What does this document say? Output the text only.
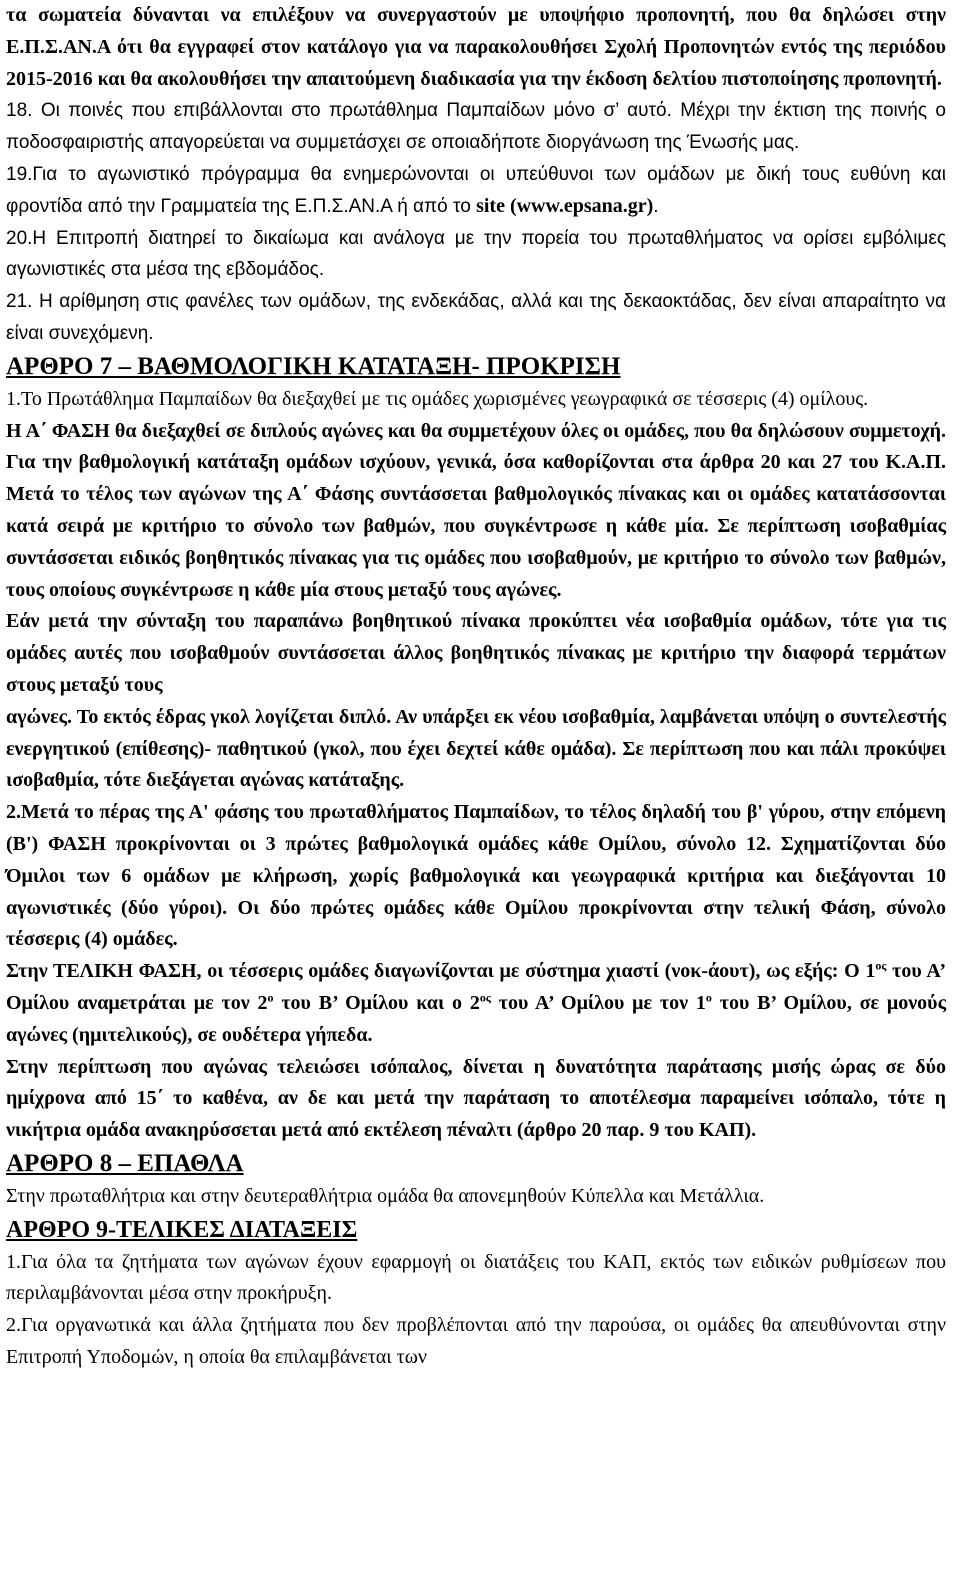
τα σωματεία δύνανται να επιλέξουν να συνεργαστούν με υποψήφιο προπονητή, που θα δηλώσει στην Ε.Π.Σ.ΑΝ.Α ότι θα εγγραφεί στον κατάλογο για να παρακολουθήσει Σχολή Προπονητών εντός της περιόδου 2015-2016 και θα ακολουθήσει την απαιτούμενη διαδικασία για την έκδοση δελτίου πιστοποίησης προπονητή.

18. Οι ποινές που επιβάλλονται στο πρωτάθλημα Παμπαίδων μόνο σ’ αυτό. Μέχρι την έκτιση της ποινής ο ποδοσφαιριστής απαγορεύεται να συμμετάσχει σε οποιαδήποτε διοργάνωση της Ένωσής μας.

19.Για το αγωνιστικό πρόγραμμα θα ενημερώνονται οι υπεύθυνοι των ομάδων με δική τους ευθύνη και φροντίδα από την Γραμματεία της Ε.Π.Σ.ΑΝ.Α ή από το site (www.epsana.gr).

20.Η Επιτροπή διατηρεί το δικαίωμα και ανάλογα με την πορεία του πρωταθλήματος να ορίσει εμβόλιμες αγωνιστικές στα μέσα της εβδομάδος.

21. Η αρίθμηση στις φανέλες των ομάδων, της ενδεκάδας, αλλά και της δεκαοκτάδας, δεν είναι απαραίτητο να είναι συνεχόμενη.

ΑΡΘΡΟ 7 – ΒΑΘΜΟΛΟΓΙΚΗ ΚΑΤΑΤΑΞΗ- ΠΡΟΚΡΙΣΗ

1.Το Πρωτάθλημα Παμπαίδων θα διεξαχθεί με τις ομάδες χωρισμένες γεωγραφικά σε τέσσερις (4) ομίλους.

Η Α΄ ΦΑΣΗ θα διεξαχθεί σε διπλούς αγώνες και θα συμμετέχουν όλες οι ομάδες, που θα δηλώσουν συμμετοχή. Για την βαθμολογική κατάταξη ομάδων ισχύουν, γενικά, όσα καθορίζονται στα άρθρα 20 και 27 του Κ.Α.Π. Μετά το τέλος των αγώνων της Α΄ Φάσης συντάσσεται βαθμολογικός πίνακας και οι ομάδες κατατάσσονται κατά σειρά με κριτήριο το σύνολο των βαθμών, που συγκέντρωσε η κάθε μία. Σε περίπτωση ισοβαθμίας συντάσσεται ειδικός βοηθητικός πίνακας για τις ομάδες που ισοβαθμούν, με κριτήριο το σύνολο των βαθμών, τους οποίους συγκέντρωσε η κάθε μία στους μεταξύ τους αγώνες.

Εάν μετά την σύνταξη του παραπάνω βοηθητικού πίνακα προκύπτει νέα ισοβαθμία ομάδων, τότε για τις ομάδες αυτές που ισοβαθμούν συντάσσεται άλλος βοηθητικός πίνακας με κριτήριο την διαφορά τερμάτων στους μεταξύ τους

αγώνες. Το εκτός έδρας γκολ λογίζεται διπλό. Αν υπάρξει εκ νέου ισοβαθμία, λαμβάνεται υπόψη ο συντελεστής ενεργητικού (επίθεσης)- παθητικού (γκολ, που έχει δεχτεί κάθε ομάδα). Σε περίπτωση που και πάλι προκύψει ισοβαθμία, τότε διεξάγεται αγώνας κατάταξης.

2.Μετά το πέρας της Α' φάσης του πρωταθλήματος Παμπαίδων, το τέλος δηλαδή του β' γύρου, στην επόμενη (Β') ΦΑΣΗ προκρίνονται οι 3 πρώτες βαθμολογικά ομάδες κάθε Ομίλου, σύνολο 12. Σχηματίζονται δύο Όμιλοι των 6 ομάδων με κλήρωση, χωρίς βαθμολογικά και γεωγραφικά κριτήρια και διεξάγονται 10 αγωνιστικές (δύο γύροι). Οι δύο πρώτες ομάδες κάθε Ομίλου προκρίνονται στην τελική Φάση, σύνολο τέσσερις (4) ομάδες.

Στην ΤΕΛΙΚΗ ΦΑΣΗ, οι τέσσερις ομάδες διαγωνίζονται με σύστημα χιαστί (νοκ-άουτ), ως εξής: Ο $1^{o\varsigma}$ του Α’ Ομίλου αναμετράται με τον $2^o$ του Β’ Ομίλου και ο $2^{o\varsigma}$ του Α’ Ομίλου με τον $1^o$ του Β’ Ομίλου, σε μονούς αγώνες (ημιτελικούς), σε ουδέτερα γήπεδα.

Στην περίπτωση που αγώνας τελειώσει ισόπαλος, δίνεται η δυνατότητα παράτασης μισής ώρας σε δύο ημίχρονα από 15΄ το καθένα, αν δε και μετά την παράταση το αποτέλεσμα παραμείνει ισόπαλο, τότε η νικήτρια ομάδα ανακηρύσσεται μετά από εκτέλεση πέναλτι (άρθρο 20 παρ. 9 του ΚΑΠ).

ΑΡΘΡΟ 8 – ΕΠΑΘΛΑ

Στην πρωταθλήτρια και στην δευτεραθλήτρια ομάδα θα απονεμηθούν Κύπελλα και Μετάλλια.

ΑΡΘΡΟ 9-ΤΕΛΙΚΕΣ ΔΙΑΤΑΞΕΙΣ

1.Για όλα τα ζητήματα των αγώνων έχουν εφαρμογή οι διατάξεις του ΚΑΠ, εκτός των ειδικών ρυθμίσεων που περιλαμβάνονται μέσα στην προκήρυξη.

2.Για οργανωτικά και άλλα ζητήματα που δεν προβλέπονται από την παρούσα, οι ομάδες θα απευθύνονται στην Επιτροπή Υποδομών, η οποία θα επιλαμβάνεται των
